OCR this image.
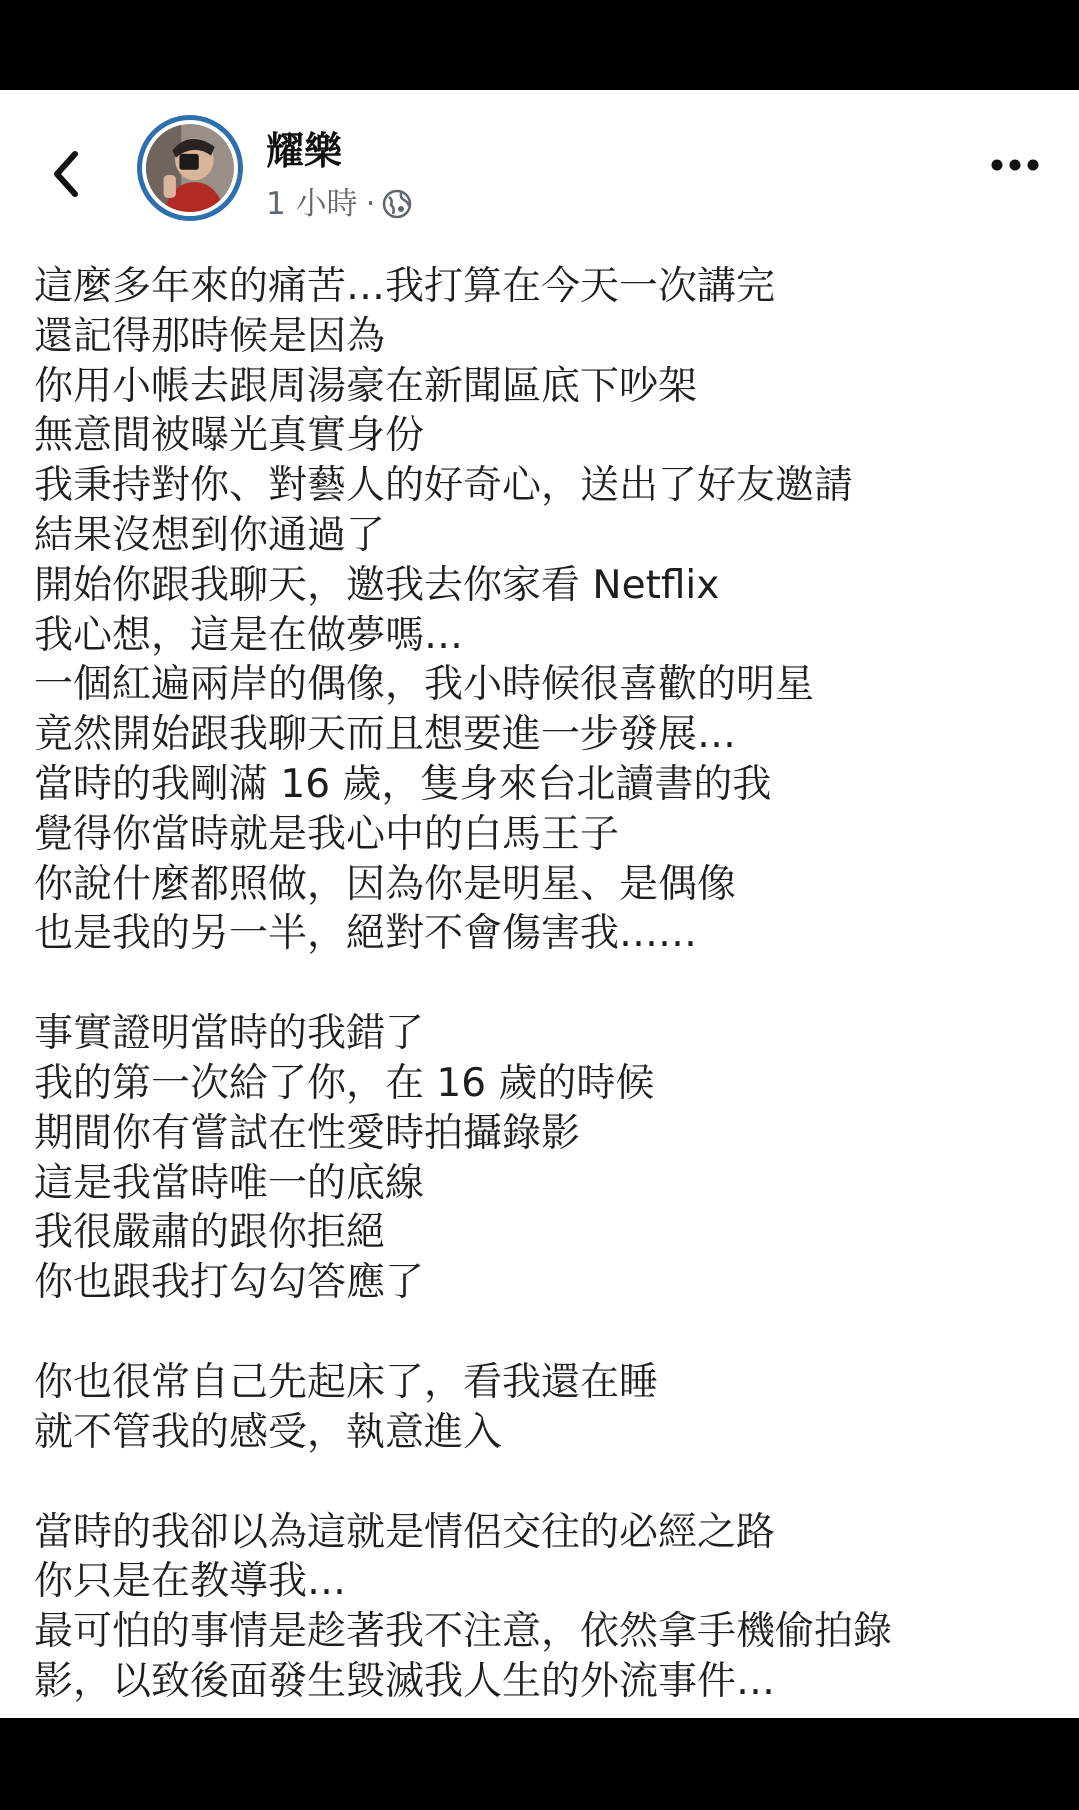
耀樂
1 小時 ·
這麼多年來的痛苦…我打算在今天一次講完
還記得那時候是因為
你用小帳去跟周湯豪在新聞區底下吵架
無意間被曝光真實身份
我秉持對你、對藝人的好奇心，送出了好友邀請
結果沒想到你通過了
開始你跟我聊天，邀我去你家看 Netflix
我心想，這是在做夢嗎…
一個紅遍兩岸的偶像，我小時候很喜歡的明星
竟然開始跟我聊天而且想要進一步發展…
當時的我剛滿 16 歲，隻身來台北讀書的我
覺得你當時就是我心中的白馬王子
你說什麼都照做，因為你是明星、是偶像
也是我的另一半，絕對不會傷害我……
事實證明當時的我錯了
我的第一次給了你，在 16 歲的時候
期間你有嘗試在性愛時拍攝錄影
這是我當時唯一的底線
我很嚴肅的跟你拒絕
你也跟我打勾勾答應了
你也很常自己先起床了，看我還在睡
就不管我的感受，執意進入
當時的我卻以為這就是情侶交往的必經之路
你只是在教導我…
最可怕的事情是趁著我不注意，依然拿手機偷拍錄
影，以致後面發生毀滅我人生的外流事件…
